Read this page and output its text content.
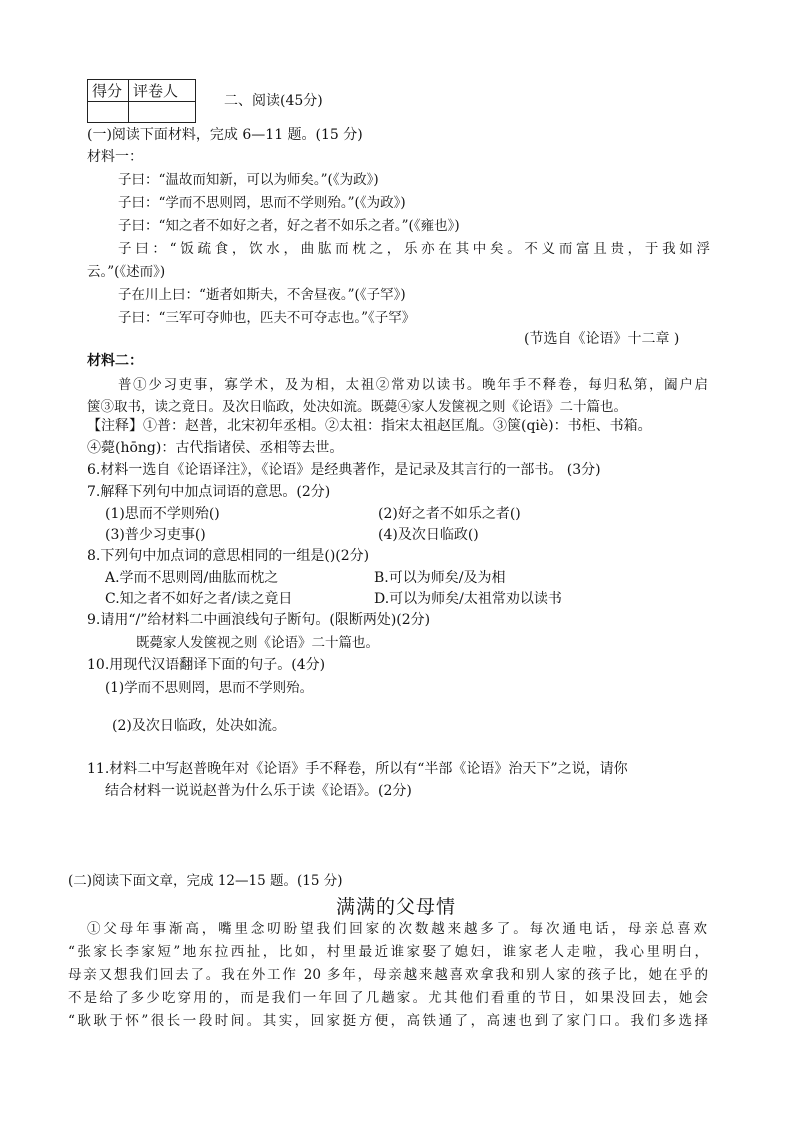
得分	评卷人

二、阅读(45分)
(一)阅读下面材料，完成 6—11 题。(15 分)
材料一：
子曰：“温故而知新，可以为师矣。”(《为政》)
子曰：“学而不思则罔，思而不学则殆。”(《为政》)
子曰：“知之者不如好之者，好之者不如乐之者。”(《雍也》)
子曰：“饭疏食，饮水，曲肱而枕之，乐亦在其中矣。不义而富且贵，于我如浮
云。”(《述而》)
子在川上曰：“逝者如斯夫，不舍昼夜。”(《子罕》)
子曰：“三军可夺帅也，匹夫不可夺志也。”《子罕》
(节选自《论语》十二章 )
材料二：
普①少习吏事，寡学术，及为相，太祖②常劝以读书。晚年手不释卷，每归私第，阖户启
箧③取书，读之竟日。及次日临政，处决如流。既薨④家人发箧视之则《论语》二十篇也。
【注释】①普：赵普，北宋初年丞相。②太祖：指宋太祖赵匡胤。③箧(qiè)：书柜、书箱。
④薨(hōng)：古代指诸侯、丞相等去世。
6.材料一选自《论语译注》，《论语》是经典著作，是记录及其言行的一部书。 (3分)
7.解释下列句中加点词语的意思。(2分)
(1)思而不学则殆()	(2)好之者不如乐之者()
(3)普少习吏事()	(4)及次日临政()
8.下列句中加点词的意思相同的一组是()(2分)
A.学而不思则罔/曲肱而枕之	B.可以为师矣/及为相
C.知之者不如好之者/读之竟日	D.可以为师矣/太祖常劝以读书
9.请用“/”给材料二中画浪线句子断句。(限断两处)(2分)
既薨家人发箧视之则《论语》二十篇也。
10.用现代汉语翻译下面的句子。(4分)
(1)学而不思则罔，思而不学则殆。
(2)及次日临政，处决如流。
11.材料二中写赵普晚年对《论语》手不释卷，所以有“半部《论语》治天下”之说，请你
结合材料一说说赵普为什么乐于读《论语》。(2分)
(二)阅读下面文章，完成 12—15 题。(15 分)
满满的父母情
①父母年事渐高，嘴里念叨盼望我们回家的次数越来越多了。每次通电话，母亲总喜欢
“张家长李家短”地东拉西扯，比如，村里最近谁家娶了媳妇，谁家老人走啦，我心里明白，
母亲又想我们回去了。我在外工作 20 多年，母亲越来越喜欢拿我和别人家的孩子比，她在乎的
不是给了多少吃穿用的，而是我们一年回了几趟家。尤其他们看重的节日，如果没回去，她会
“耿耿于怀”很长一段时间。其实，回家挺方便，高铁通了，高速也到了家门口。我们多选择
